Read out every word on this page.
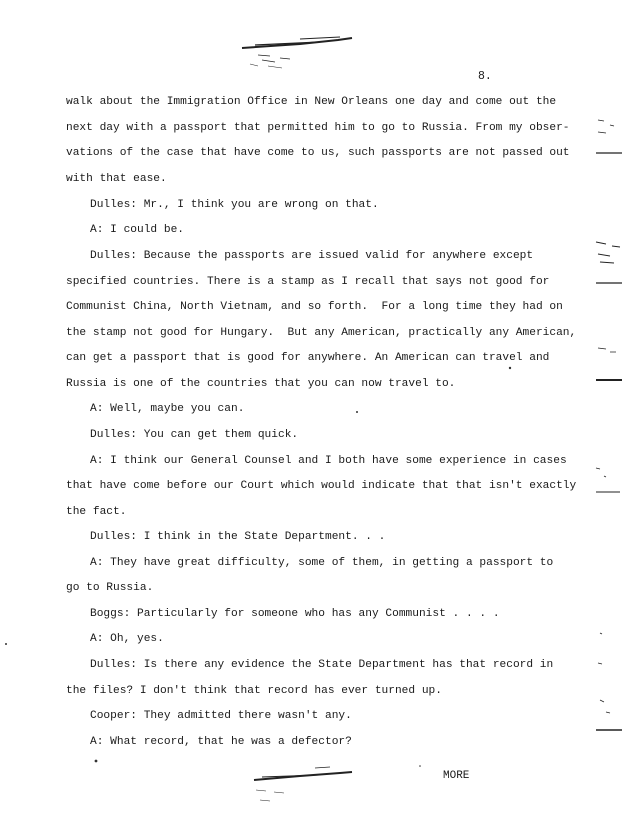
8.
walk about the Immigration Office in New Orleans one day and come out the
next day with a passport that permitted him to go to Russia. From my obser-
vations of the case that have come to us, such passports are not passed out
with that ease.
Dulles: Mr., I think you are wrong on that.
A: I could be.
Dulles: Because the passports are issued valid for anywhere except
specified countries. There is a stamp as I recall that says not good for
Communist China, North Vietnam, and so forth.  For a long time they had on
the stamp not good for Hungary.  But any American, practically any American,
can get a passport that is good for anywhere. An American can travel and
Russia is one of the countries that you can now travel to.
A: Well, maybe you can.
Dulles: You can get them quick.
A: I think our General Counsel and I both have some experience in cases
that have come before our Court which would indicate that that isn't exactly
the fact.
Dulles: I think in the State Department. . .
A: They have great difficulty, some of them, in getting a passport to
go to Russia.
Boggs: Particularly for someone who has any Communist . . . .
A: Oh, yes.
Dulles: Is there any evidence the State Department has that record in
the files? I don't think that record has ever turned up.
Cooper: They admitted there wasn't any.
A: What record, that he was a defector?
MORE
